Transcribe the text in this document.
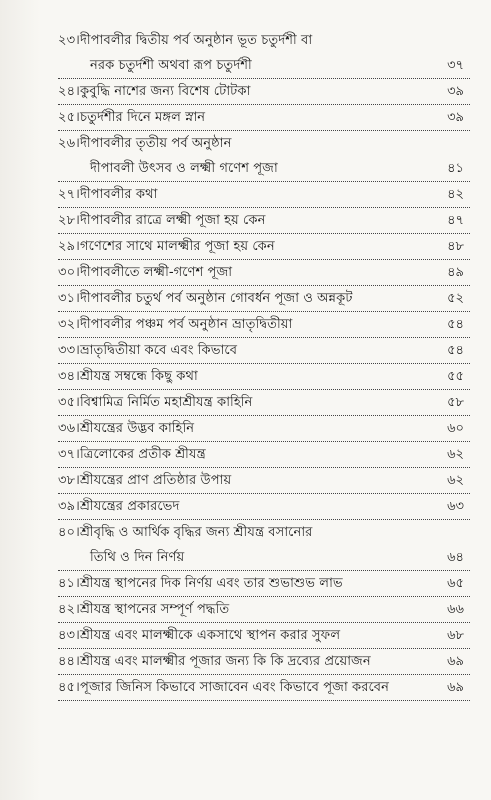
২৩।দীপাবলীর দ্বিতীয় পর্ব অনুষ্ঠান ভূত চতুর্দশী বা
নরক চতুর্দশী অথবা রূপ চতুর্দশী	৩৭
২৪।কুবুদ্ধি নাশের জন্য বিশেষ টোটকা	৩৯
২৫।চতুর্দশীর দিনে মঙ্গল স্নান	৩৯
২৬।দীপাবলীর তৃতীয় পর্ব অনুষ্ঠান
দীপাবলী উৎসব ও লক্ষ্মী গণেশ পূজা	৪১
২৭।দীপাবলীর কথা	৪২
২৮।দীপাবলীর রাত্রে লক্ষ্মী পূজা হয় কেন	৪৭
২৯।গণেশের সাথে মালক্ষ্মীর পূজা হয় কেন	৪৮
৩০।দীপাবলীতে লক্ষ্মী-গণেশ পূজা	৪৯
৩১।দীপাবলীর চতুর্থ পর্ব অনুষ্ঠান গোবর্ধন পূজা ও অন্নকূট	৫২
৩২।দীপাবলীর পঞ্চম পর্ব অনুষ্ঠান ভ্রাতৃদ্বিতীয়া	৫৪
৩৩।ভ্রাতৃদ্বিতীয়া কবে এবং কিভাবে	৫৪
৩৪।শ্রীযন্ত্র সম্বন্ধে কিছু কথা	৫৫
৩৫।বিশ্বামিত্র নির্মিত মহাশ্রীযন্ত্র কাহিনি	৫৮
৩৬।শ্রীযন্ত্রের উদ্ভব কাহিনি	৬০
৩৭।ত্রিলোকের প্রতীক শ্রীযন্ত্র	৬২
৩৮।শ্রীযন্ত্রের প্রাণ প্রতিষ্ঠার উপায়	৬২
৩৯।শ্রীযন্ত্রের প্রকারভেদ	৬৩
৪০।শ্রীবৃদ্ধি ও আর্থিক বৃদ্ধির জন্য শ্রীযন্ত্র বসানোর
তিথি ও দিন নির্ণয়	৬৪
৪১।শ্রীযন্ত্র স্থাপনের দিক নির্ণয় এবং তার শুভাশুভ লাভ	৬৫
৪২।শ্রীযন্ত্র স্থাপনের সম্পূর্ণ পদ্ধতি	৬৬
৪৩।শ্রীযন্ত্র এবং মালক্ষ্মীকে একসাথে স্থাপন করার সুফল	৬৮
৪৪।শ্রীযন্ত্র এবং মালক্ষ্মীর পূজার জন্য কি কি দ্রব্যের প্রয়োজন	৬৯
৪৫।পূজার জিনিস কিভাবে সাজাবেন এবং কিভাবে পূজা করবেন	৬৯
